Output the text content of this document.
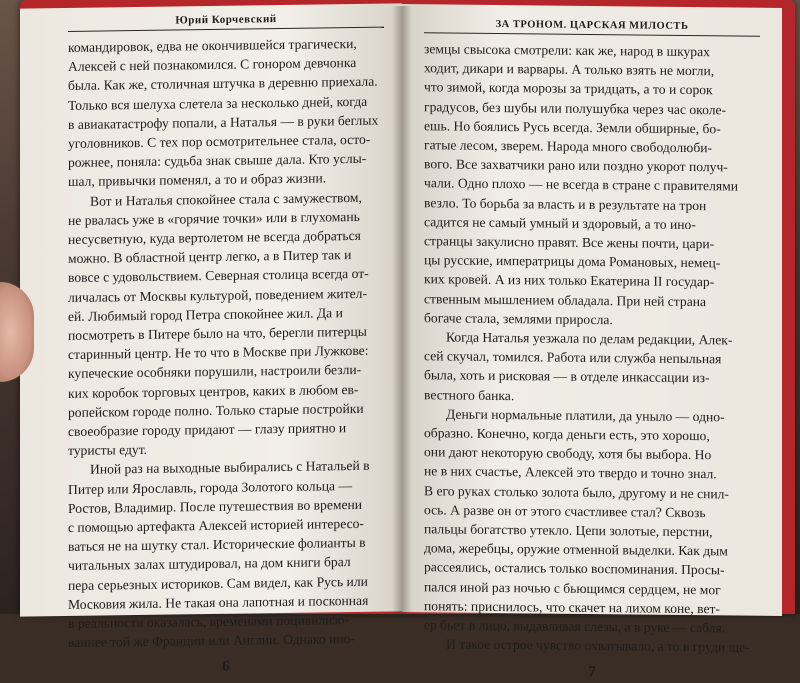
Юрий Корчевский
командировок, едва не окончившейся трагически,
Алексей с ней познакомился. С гонором девчонка
была. Как же, столичная штучка в деревню приехала.
Только вся шелуха слетела за несколько дней, когда
в авиакатастрофу попали, а Наталья — в руки беглых
уголовников. С тех пор осмотрительнее стала, осто-
рожнее, поняла: судьба знак свыше дала. Кто услы-
шал, привычки поменял, а то и образ жизни.
Вот и Наталья спокойнее стала с замужеством,
не рвалась уже в «горячие точки» или в глухомань
несусветную, куда вертолетом не всегда добраться
можно. В областной центр легко, а в Питер так и
вовсе с удовольствием. Северная столица всегда от-
личалась от Москвы культурой, поведением жител-
ей. Любимый город Петра спокойнее жил. Да и
посмотреть в Питере было на что, берегли питерцы
старинный центр. Не то что в Москве при Лужкове:
купеческие особняки порушили, настроили безли-
ких коробок торговых центров, каких в любом ев-
ропейском городе полно. Только старые постройки
своеобразие городу придают — глазу приятно и
туристы едут.
Иной раз на выходные выбирались с Натальей в
Питер или Ярославль, города Золотого кольца —
Ростов, Владимир. После путешествия во времени
с помощью артефакта Алексей историей интересо-
ваться не на шутку стал. Исторические фолианты в
читальных залах штудировал, на дом книги брал
пера серьезных историков. Сам видел, как Русь или
Московия жила. Не такая она лапотная и посконная
в реальности оказалась, временами поцивилизо-
ваннее той же Франции или Англии. Однако ино-
6
ЗА ТРОНОМ. ЦАРСКАЯ МИЛОСТЬ
земцы свысока смотрели: как же, народ в шкурах
ходит, дикари и варвары. А только взять не могли,
что зимой, когда морозы за тридцать, а то и сорок
градусов, без шубы или полушубка через час околе-
ешь. Но боялись Русь всегда. Земли обширные, бо-
гатые лесом, зверем. Народа много свободолюби-
вого. Все захватчики рано или поздно укорот получ-
чали. Одно плохо — не всегда в стране с правителями
везло. То борьба за власть и в результате на трон
садится не самый умный и здоровый, а то ино-
странцы закулисно правят. Все жены почти, цари-
цы русские, императрицы дома Романовых, немец-
ких кровей. А из них только Екатерина II государ-
ственным мышлением обладала. При ней страна
богаче стала, землями приросла.
Когда Наталья уезжала по делам редакции, Алек-
сей скучал, томился. Работа или служба непыльная
была, хоть и рисковая — в отделе инкассации из-
вестного банка.
Деньги нормальные платили, да уныло — одно-
образно. Конечно, когда деньги есть, это хорошо,
они дают некоторую свободу, хотя бы выбора. Но
не в них счастье, Алексей это твердо и точно знал.
В его руках столько золота было, другому и не снил-
ось. А разве он от этого счастливее стал? Сквозь
пальцы богатство утекло. Цепи золотые, перстни,
дома, жеребцы, оружие отменной выделки. Как дым
рассеялись, остались только воспоминания. Просы-
пался иной раз ночью с бьющимся сердцем, не мог
понять: приснилось, что скачет на лихом коне, вет-
ер бьет в лицо, выдавливая слезы, а в руке — сабля.
И такое острое чувство охватывало, а то в груди ще-
7
